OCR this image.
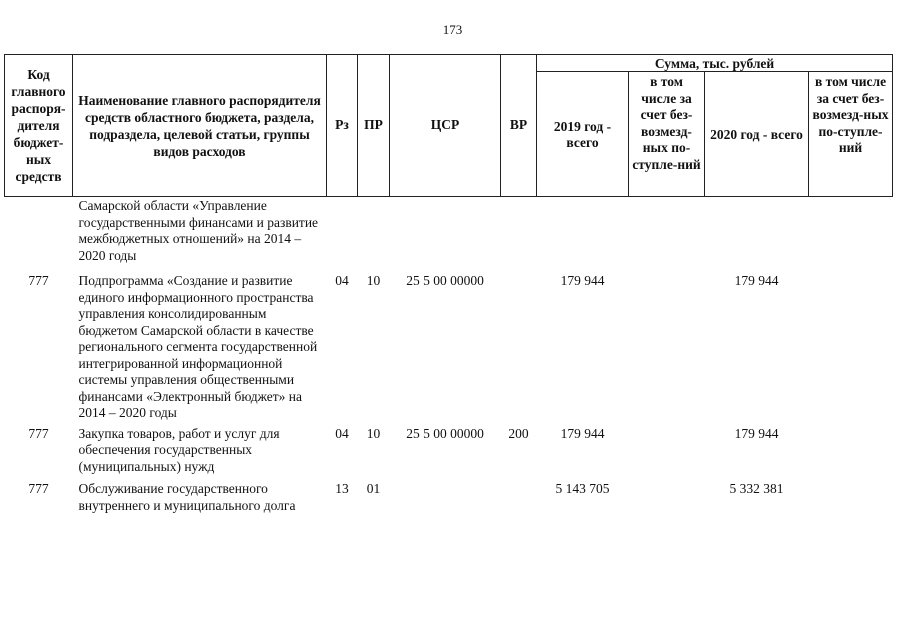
173
Код главного распоря-дителя бюджет-ных средств	Наименование главного распорядителя средств областного бюджета, раздела, подраздела, целевой статьи, группы видов расходов	Рз	ПР	ЦСР	ВР	Сумма, тыс. рублей			
						2019 год - всего	в том числе за счет без-возмезд-ных по-ступле-ний	2020 год - всего	в том числе за счет без-возмезд-ных по-ступле-ний
	Самарской области «Управление государственными финансами и развитие межбюджетных отношений» на 2014 – 2020 годы								
777	Подпрограмма «Создание и развитие единого информационного пространства управления консолидированным бюджетом Самарской области в качестве регионального сегмента государственной интегрированной информационной системы управления общественными финансами «Электронный бюджет» на 2014 – 2020 годы	04	10	25 5 00 00000		179 944		179 944	
777	Закупка товаров, работ и услуг для обеспечения государственных (муниципальных) нужд	04	10	25 5 00 00000	200	179 944		179 944	
777	Обслуживание государственного внутреннего и муниципального долга	13	01			5 143 705		5 332 381	
